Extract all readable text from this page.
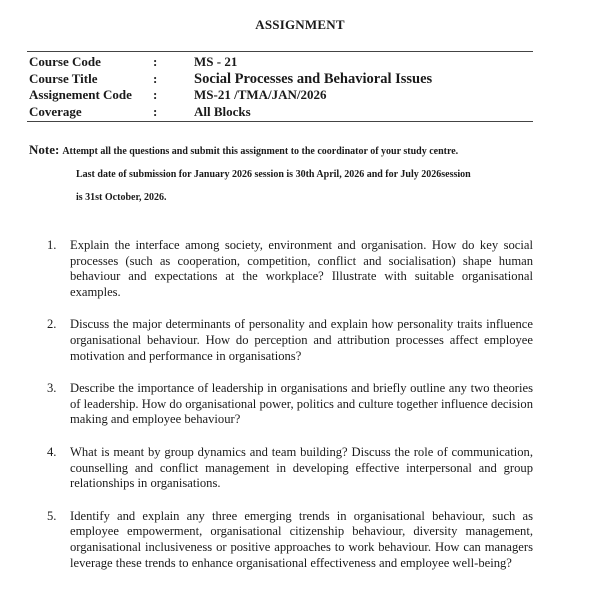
ASSIGNMENT
Course Code	:	MS - 21
Course Title	:	Social Processes and Behavioral Issues
Assignement Code :	MS-21 /TMA/JAN/2026
Coverage	:	All Blocks
Note: Attempt all the questions and submit this assignment to the coordinator of your study centre.
Last date of submission for January 2026 session is 30th April, 2026 and for July 2026session
is 31st October, 2026.
1. Explain the interface among society, environment and organisation. How do key social processes (such as cooperation, competition, conflict and socialisation) shape human behaviour and expectations at the workplace? Illustrate with suitable organisational examples.
2. Discuss the major determinants of personality and explain how personality traits influence organisational behaviour. How do perception and attribution processes affect employee motivation and performance in organisations?
3. Describe the importance of leadership in organisations and briefly outline any two theories of leadership. How do organisational power, politics and culture together influence decision making and employee behaviour?
4. What is meant by group dynamics and team building? Discuss the role of communication, counselling and conflict management in developing effective interpersonal and group relationships in organisations.
5. Identify and explain any three emerging trends in organisational behaviour, such as employee empowerment, organisational citizenship behaviour, diversity management, organisational inclusiveness or positive approaches to work behaviour. How can managers leverage these trends to enhance organisational effectiveness and employee well-being?
